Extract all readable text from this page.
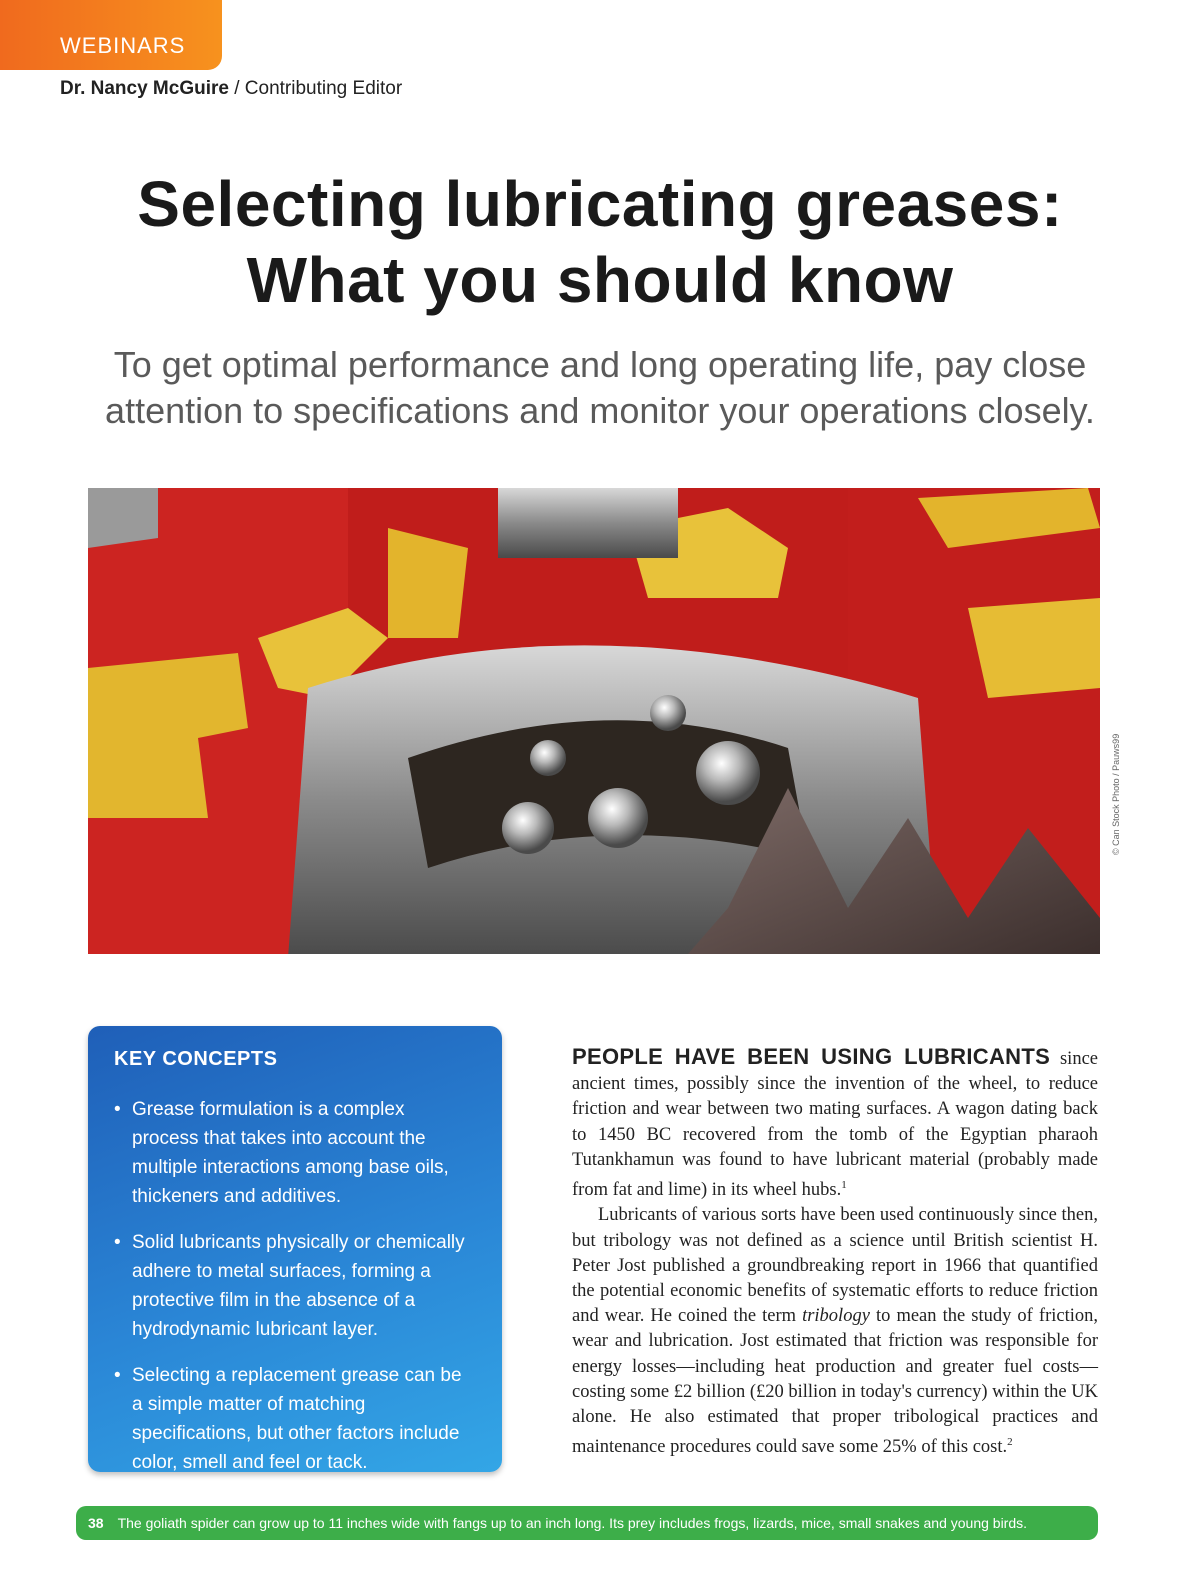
WEBINARS
Dr. Nancy McGuire / Contributing Editor
Selecting lubricating greases:
What you should know
To get optimal performance and long operating life, pay close
attention to specifications and monitor your operations closely.
© Can Stock Photo / Pauws99
KEY CONCEPTS
• Grease formulation is a complex process that takes into account the multiple interactions among base oils, thickeners and additives.
• Solid lubricants physically or chemically adhere to metal surfaces, forming a protective film in the absence of a hydrodynamic lubricant layer.
• Selecting a replacement grease can be a simple matter of matching specifications, but other factors include color, smell and feel or tack.

PEOPLE HAVE BEEN USING LUBRICANTS since ancient times, possibly since the invention of the wheel, to reduce friction and wear between two mating surfaces. A wagon dating back to 1450 BC recovered from the tomb of the Egyptian pharaoh Tutankhamun was found to have lubricant material (probably made from fat and lime) in its wheel hubs.$^1$

Lubricants of various sorts have been used continuously since then, but tribology was not defined as a science until British scientist H. Peter Jost published a groundbreaking report in 1966 that quantified the potential economic benefits of systematic efforts to reduce friction and wear. He coined the term tribology to mean the study of friction, wear and lubrication. Jost estimated that friction was responsible for energy losses—including heat production and greater fuel costs—costing some £2 billion (£20 billion in today's currency) within the UK alone. He also estimated that proper tribological practices and maintenance procedures could save some 25% of this cost.$^2$

38 The goliath spider can grow up to 11 inches wide with fangs up to an inch long. Its prey includes frogs, lizards, mice, small snakes and young birds.
